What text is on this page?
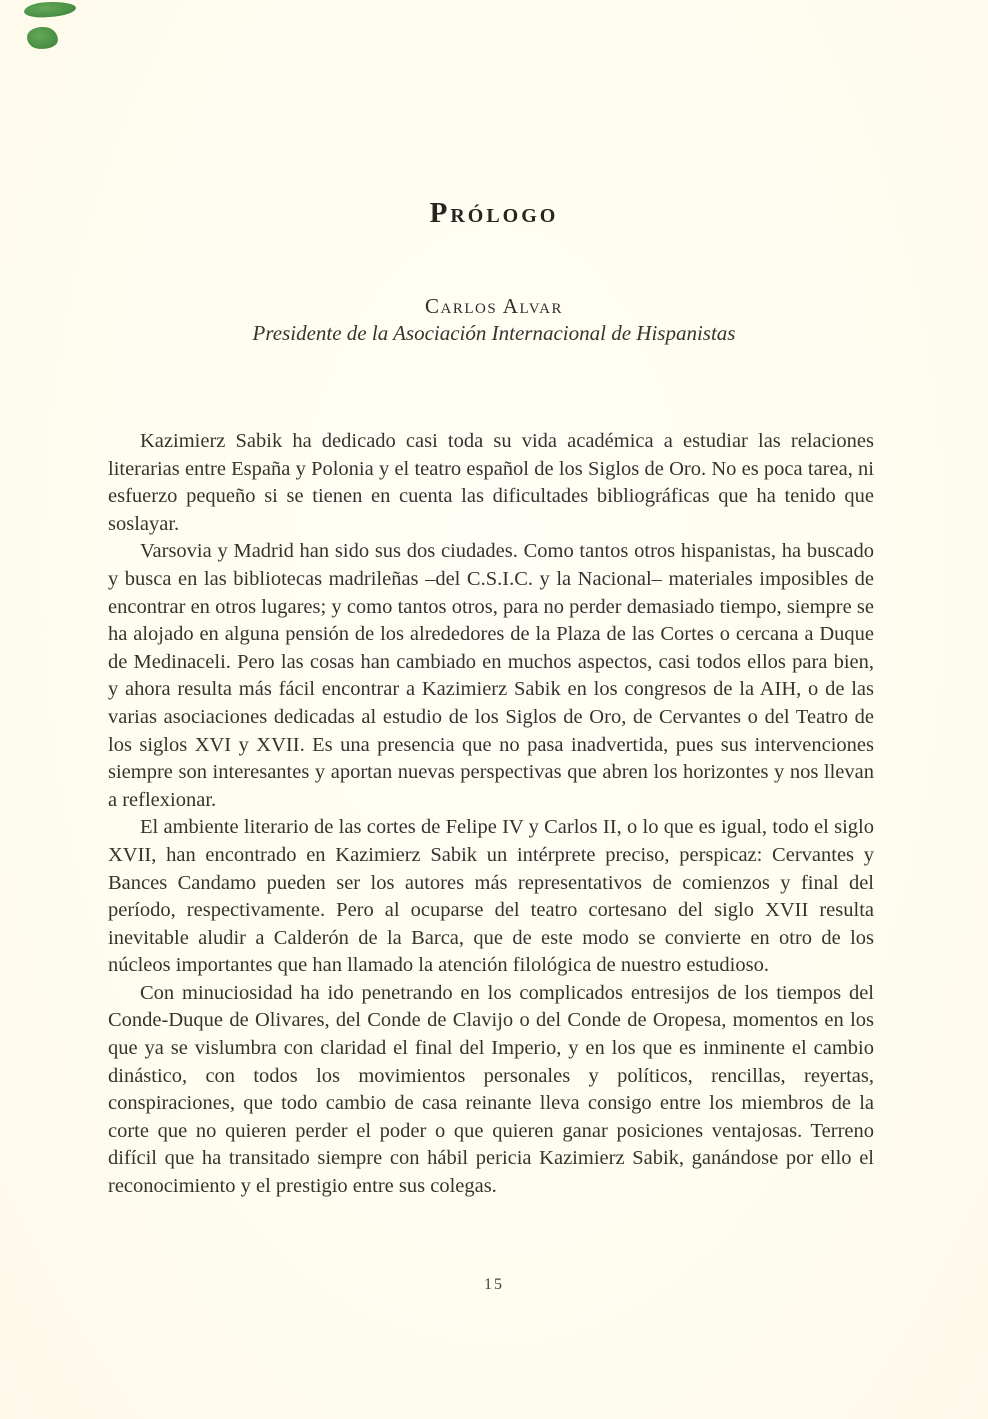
Prólogo
Carlos Alvar
Presidente de la Asociación Internacional de Hispanistas

Kazimierz Sabik ha dedicado casi toda su vida académica a estudiar las relaciones literarias entre España y Polonia y el teatro español de los Siglos de Oro. No es poca tarea, ni esfuerzo pequeño si se tienen en cuenta las dificultades bibliográficas que ha tenido que soslayar.

Varsovia y Madrid han sido sus dos ciudades. Como tantos otros hispanistas, ha buscado y busca en las bibliotecas madrileñas –del C.S.I.C. y la Nacional– materiales imposibles de encontrar en otros lugares; y como tantos otros, para no perder demasiado tiempo, siempre se ha alojado en alguna pensión de los alrededores de la Plaza de las Cortes o cercana a Duque de Medinaceli. Pero las cosas han cambiado en muchos aspectos, casi todos ellos para bien, y ahora resulta más fácil encontrar a Kazimierz Sabik en los congresos de la AIH, o de las varias asociaciones dedicadas al estudio de los Siglos de Oro, de Cervantes o del Teatro de los siglos XVI y XVII. Es una presencia que no pasa inadvertida, pues sus intervenciones siempre son interesantes y aportan nuevas perspectivas que abren los horizontes y nos llevan a reflexionar.

El ambiente literario de las cortes de Felipe IV y Carlos II, o lo que es igual, todo el siglo XVII, han encontrado en Kazimierz Sabik un intérprete preciso, perspicaz: Cervantes y Bances Candamo pueden ser los autores más representativos de comienzos y final del período, respectivamente. Pero al ocuparse del teatro cortesano del siglo XVII resulta inevitable aludir a Calderón de la Barca, que de este modo se convierte en otro de los núcleos importantes que han llamado la atención filológica de nuestro estudioso.

Con minuciosidad ha ido penetrando en los complicados entresijos de los tiempos del Conde-Duque de Olivares, del Conde de Clavijo o del Conde de Oropesa, momentos en los que ya se vislumbra con claridad el final del Imperio, y en los que es inminente el cambio dinástico, con todos los movimientos personales y políticos, rencillas, reyertas, conspiraciones, que todo cambio de casa reinante lleva consigo entre los miembros de la corte que no quieren perder el poder o que quieren ganar posiciones ventajosas. Terreno difícil que ha transitado siempre con hábil pericia Kazimierz Sabik, ganándose por ello el reconocimiento y el prestigio entre sus colegas.

15
